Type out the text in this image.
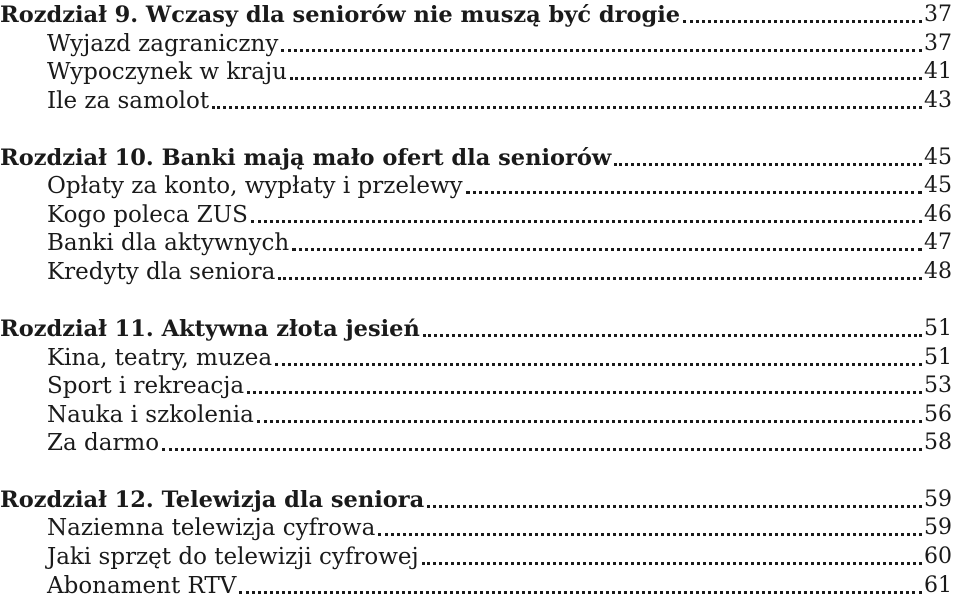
Rozdział 9. Wczasy dla seniorów nie muszą być drogie	37
Wyjazd zagraniczny	37
Wypoczynek w kraju	41
Ile za samolot	43
Rozdział 10. Banki mają mało ofert dla seniorów	45
Opłaty za konto, wypłaty i przelewy	45
Kogo poleca ZUS	46
Banki dla aktywnych	47
Kredyty dla seniora	48
Rozdział 11. Aktywna złota jesień	51
Kina, teatry, muzea	51
Sport i rekreacja	53
Nauka i szkolenia	56
Za darmo	58
Rozdział 12. Telewizja dla seniora	59
Naziemna telewizja cyfrowa	59
Jaki sprzęt do telewizji cyfrowej	60
Abonament RTV	61
